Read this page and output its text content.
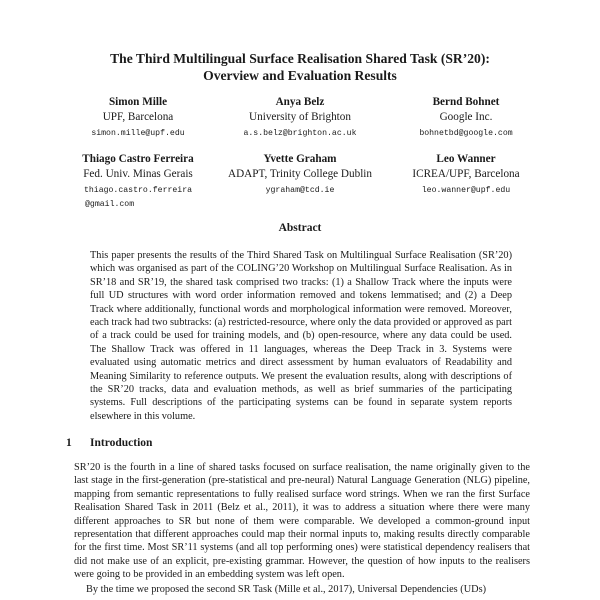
The Third Multilingual Surface Realisation Shared Task (SR’20):
Overview and Evaluation Results
Simon Mille
UPF, Barcelona
simon.mille@upf.edu
Anya Belz
University of Brighton
a.s.belz@brighton.ac.uk
Bernd Bohnet
Google Inc.
bohnetbd@google.com
Thiago Castro Ferreira
Fed. Univ. Minas Gerais
thiago.castro.ferreira
@gmail.com
Yvette Graham
ADAPT, Trinity College Dublin
ygraham@tcd.ie
Leo Wanner
ICREA/UPF, Barcelona
leo.wanner@upf.edu
Abstract

This paper presents the results of the Third Shared Task on Multilingual Surface Realisation (SR’20) which was organised as part of the COLING’20 Workshop on Multilingual Surface Realisation. As in SR’18 and SR’19, the shared task comprised two tracks: (1) a Shallow Track where the inputs were full UD structures with word order information removed and tokens lemmatised; and (2) a Deep Track where additionally, functional words and morphological information were removed. Moreover, each track had two subtracks: (a) restricted-resource, where only the data provided or approved as part of a track could be used for training models, and (b) open-resource, where any data could be used. The Shallow Track was offered in 11 languages, whereas the Deep Track in 3. Systems were evaluated using automatic metrics and direct assessment by human evaluators of Readability and Meaning Similarity to reference outputs. We present the evaluation results, along with descriptions of the SR’20 tracks, data and evaluation methods, as well as brief summaries of the participating systems. Full descriptions of the participating systems can be found in separate system reports elsewhere in this volume.

1 Introduction

SR’20 is the fourth in a line of shared tasks focused on surface realisation, the name originally given to the last stage in the first-generation (pre-statistical and pre-neural) Natural Language Generation (NLG) pipeline, mapping from semantic representations to fully realised surface word strings. When we ran the first Surface Realisation Shared Task in 2011 (Belz et al., 2011), it was to address a situation where there were many different approaches to SR but none of them were comparable. We developed a common-ground input representation that different approaches could map their normal inputs to, making results directly comparable for the first time. Most SR’11 systems (and all top performing ones) were statistical dependency realisers that did not make use of an explicit, pre-existing grammar. However, the question of how inputs to the realisers were going to be provided in an embedding system was left open.

By the time we proposed the second SR Task (Mille et al., 2017), Universal Dependencies (UDs)
